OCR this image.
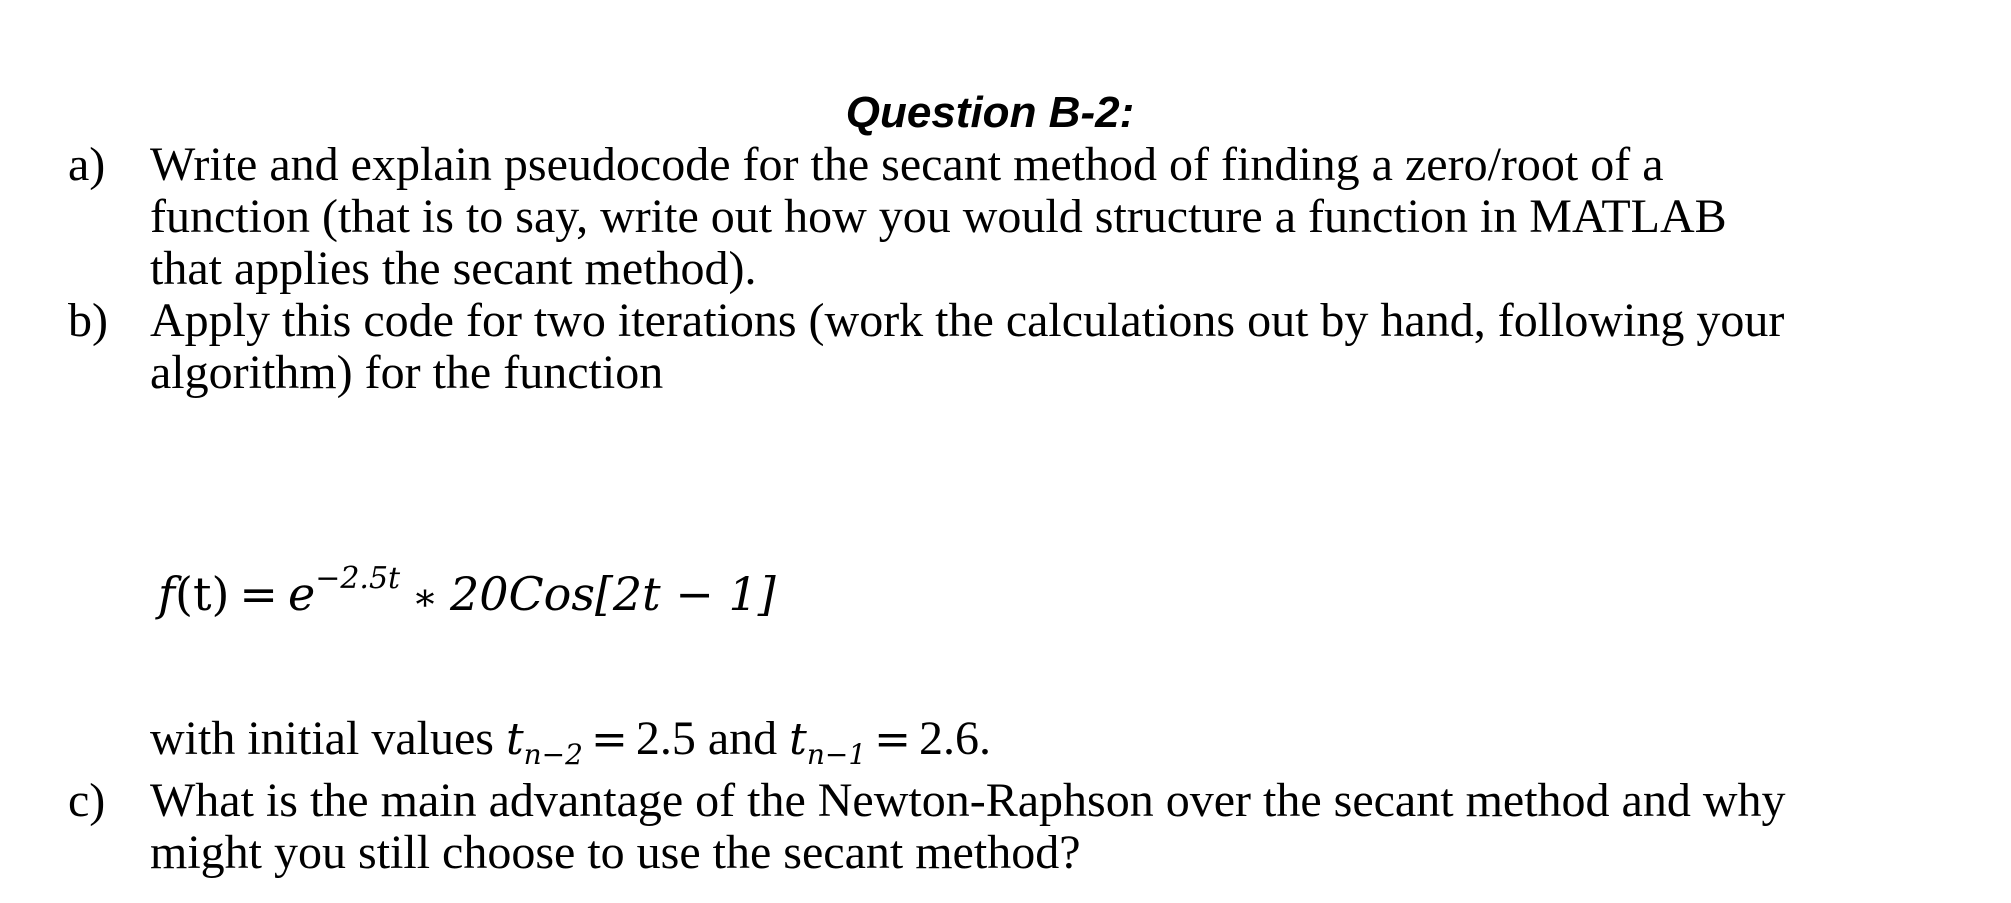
Question B-2:
a) Write and explain pseudocode for the secant method of finding a zero/root of a
function (that is to say, write out how you would structure a function in MATLAB
that applies the secant method).
b) Apply this code for two iterations (work the calculations out by hand, following your
algorithm) for the function
$f(t) = e^{-2.5t}$ ∗ 20Cos[2t − 1]
with initial values $t_{n-2} = 2.5$ and $t_{n-1} = 2.6$.
c) What is the main advantage of the Newton-Raphson over the secant method and why
might you still choose to use the secant method?
